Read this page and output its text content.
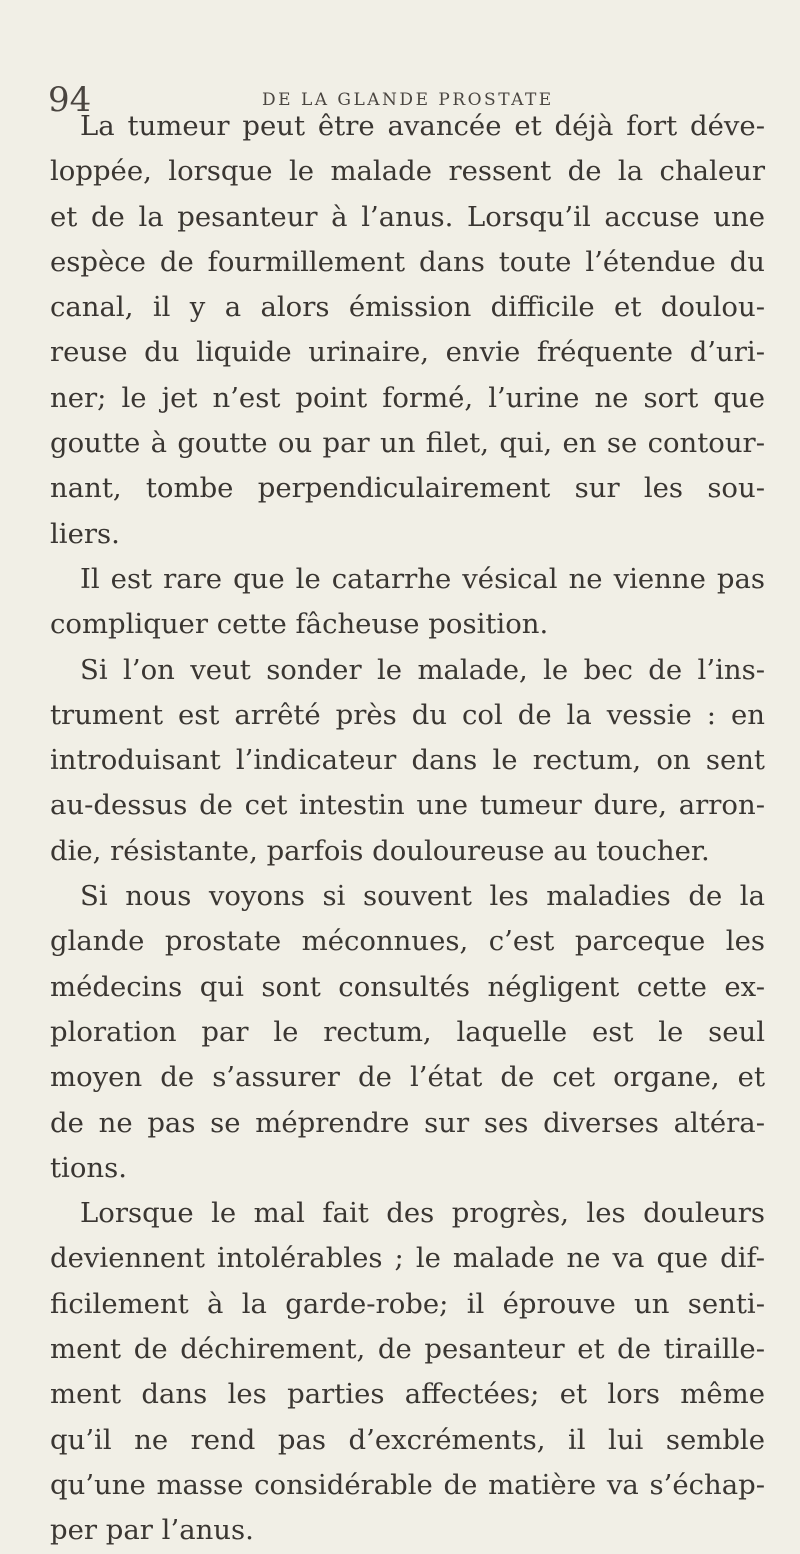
94	DE LA GLANDE PROSTATE
La tumeur peut être avancée et déjà fort déve-
loppée, lorsque le malade ressent de la chaleur
et de la pesanteur à l’anus. Lorsqu’il accuse une
espèce de fourmillement dans toute l’étendue du
canal, il y a alors émission difficile et doulou-
reuse du liquide urinaire, envie fréquente d’uri-
ner; le jet n’est point formé, l’urine ne sort que
goutte à goutte ou par un filet, qui, en se contour-
nant, tombe perpendiculairement sur les sou-
liers.
Il est rare que le catarrhe vésical ne vienne pas
compliquer cette fâcheuse position.
Si l’on veut sonder le malade, le bec de l’ins-
trument est arrêté près du col de la vessie : en
introduisant l’indicateur dans le rectum, on sent
au-dessus de cet intestin une tumeur dure, arron-
die, résistante, parfois douloureuse au toucher.
Si nous voyons si souvent les maladies de la
glande prostate méconnues, c’est parceque les
médecins qui sont consultés négligent cette ex-
ploration par le rectum, laquelle est le seul
moyen de s’assurer de l’état de cet organe, et
de ne pas se méprendre sur ses diverses altéra-
tions.
Lorsque le mal fait des progrès, les douleurs
deviennent intolérables ; le malade ne va que dif-
ficilement à la garde-robe; il éprouve un senti-
ment de déchirement, de pesanteur et de tiraille-
ment dans les parties affectées; et lors même
qu’il ne rend pas d’excréments, il lui semble
qu’une masse considérable de matière va s’échap-
per par l’anus.
